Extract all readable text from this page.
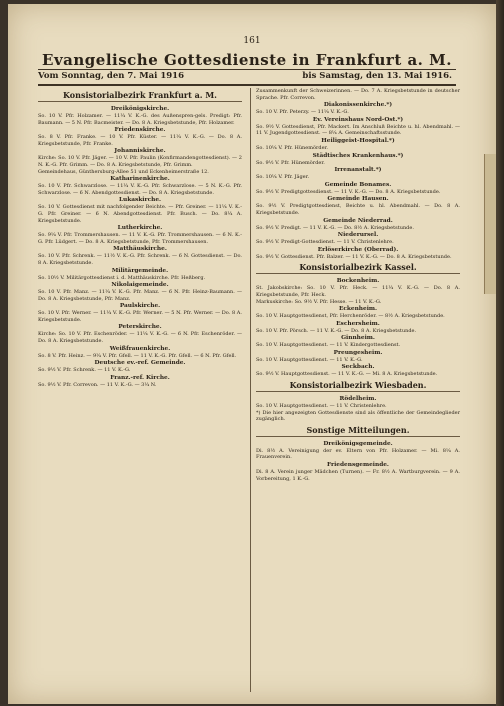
161
Evangelische Gottesdienste in Frankfurt a. M.
Vom Sonntag, den 7. Mai 1916	bis Samstag, den 13. Mai 1916.
Konsistorialbezirk Frankfurt a. M.
Dreikönigskirche.
So. 10 V. Pfr. Holzamer. — 11¼ V. K.-G. des Außenspren-gels. Predigt: Pfr. Baumann. — 5 N. Pfr. Bacmeister. — Do. 8 A. Kriegsbetstunde, Pfr. Holzamer.
Friedenskirche.
So. 8 V. Pfr. Franke. — 10 V. Pfr. Küster. — 11¼ V. K.-G. — Do. 8 A. Kriegsbetstunde, Pfr. Franke.
Johanniskirche.
Kirche: So. 10 V. Pfr. Jäger. — 10 V. Pfr. Paulin (Konfirmandengottesdienst). — 2 N. K.-G. Pfr. Grimm. — Do. 8 A. Kriegsbetstunde, Pfr. Grimm.
Gemeindehaus, Günthersburg-Allee 51 und Eckenheimerstraße 12.
Katharinenkirche.
So. 10 V. Pfr. Schwarzlose. — 11¼ V. K.-G. Pfr. Schwarzlose. — 5 N. K.-G. Pfr. Schwarzlose. — 6 N. Abendgottesdienst. — Do. 8 A. Kriegsbetstunde.
Lukaskirche.
So. 10 V. Gottesdienst mit nachfolgender Beichte. — Pfr. Greiner. — 11¼ V. K.-G. Pfr. Greiner. — 6 N. Abendgottesdienst. Pfr. Busch. — Do. 8¼ A. Kriegsbetstunde.
Lutherkirche.
So. 9¼ V. Pfr. Trommershausen. — 11 V. K.-G. Pfr. Trommershausen. — 6 N. K.-G. Pfr. Lüdgert. — Do. 8 A. Kriegsbetstunde, Pfr. Trommershausen.
Matthäuskirche.
So. 10 V. Pfr. Schrenk. — 11½ V. K.-G. Pfr. Schrenk. — 6 N. Gottesdienst. — Do. 8 A. Kriegsbetstunde.
Militärgemeinde.
So. 10½ V. Militärgottesdienst i. d. Matthäuskirche. Pfr. Heßberg.
Nikolaigemeinde.
So. 10 V. Pfr. Manz. — 11¼ V. K.-G. Pfr. Manz. — 6 N. Pfr. Heinz-Baumann. — Do. 8 A. Kriegsbetstunde, Pfr. Manz.
Paulskirche.
So. 10 V. Pfr. Werner. — 11¼ V. K.-G. Pfr. Werner. — 5 N. Pfr. Werner. — Do. 8 A. Kriegsbetstunde.
Peterskirche.
Kirche: So. 10 V. Pfr. Eschenröder. — 11¼ V. K.-G. — 6 N. Pfr. Eschenröder. — Do. 8 A. Kriegsbetstunde.
Weißfrauenkirche.
So. 8 V. Pfr. Heinz. — 9¼ V. Pfr. Gfell. — 11 V. K.-G. Pfr. Gfell. — 6 N. Pfr. Gfell.
Deutsche ev.-ref. Gemeinde.
So. 9½ V. Pfr. Schrenk. — 11 V. K.-G.
Franz.-ref. Kirche.
So. 9½ V. Pfr. Correvon. — 11 V. K.-G. — 3¼ N.
Zusammenkunft der Schweizerinnen. — Do. 7 A. Kriegsbetstunde in deutscher Sprache. Pfr. Correvon.
Diakonissenkirche.*)
So. 10 V. Pfr. Peterzy. — 11¼ V. K.-G.
Ev. Vereinshaus Nord-Ost.*)
So. 9½ V. Gottesdienst, Pfr. Mackert. Im Anschluß Beichte u. hl. Abendmahl. — 11 V. Jugendgottesdienst. — 8¼ A. Gemeinschaftsstunde.
Heiliggeist-Hospital.*)
So. 10¼ V. Pfr. Hünemörder.
Städtisches Krankenhaus.*)
So. 9½ V. Pfr. Hünemörder.
Irrenanstalt.*)
So. 10¼ V. Pfr. Jäger.
Gemeinde Bonames.
So. 9½ V. Predigtgottesdienst. — 11 V. K.-G. — Do. 8 A. Kriegsbetstunde.
Gemeinde Hausen.
So. 9½ V. Predigtgottesdienst, Beichte u. hl. Abendmahl. — Do. 8 A. Kriegsbetstunde.
Gemeinde Niederrad.
So. 9½ V. Predigt. — 11 V. K.-G. — Do. 8½ A. Kriegsbetstunde.
Niederursel.
So. 9½ V. Predigt-Gottesdienst. — 11 V. Christenlehre.
Erlöserkirche (Oberrad).
So. 9½ V. Gottesdienst. Pfr. Balzer. — 11 V. K.-G. — Do. 8 A. Kriegsbetstunde.
Konsistorialbezirk Kassel.
Bockenheim.
St. Jakobskirche: So. 10 V. Pfr. Heck. — 11¼ V. K.-G. — Do. 8 A. Kriegsbetstunde, Pfr. Heck.
Markuskirche: So. 9½ V. Pfr. Hesse. — 11 V. K.-G.
Eckenheim.
So. 10 V. Hauptgottesdienst, Pfr. Herchenröder. — 8½ A. Kriegsbetstunde.
Eschersheim.
So. 10 V. Pfr. Pörsch. — 11 V. K.-G. — Do. 8 A. Kriegsbetstunde.
Ginnheim.
So. 10 V. Hauptgottesdienst. — 11 V. Kindergottesdienst.
Preungesheim.
So. 10 V. Hauptgottesdienst. — 11 V. K.-G.
Seckbach.
So. 9½ V. Hauptgottesdienst. — 11 V. K.-G. — Mi. 8 A. Kriegsbetstunde.
Konsistorialbezirk Wiesbaden.
Rödelheim.
So. 10 V. Hauptgottesdienst. — 11 V. Christenlehre.
*) Die hier angezeigten Gottesdienste sind als öffentliche der Gemeindeglieder zugänglich.
Sonstige Mitteilungen.
Dreikönigsgemeinde.
Di. 8½ A. Vereinigung der ev. Eltern von Pfr. Holzamer. — Mi. 8¼ A. Frauenverein.
Friedensgemeinde.
Di. 8 A. Verein junger Mädchen (Turnen). — Fr. 8½ A. Wartburgverein. — 9 A. Vorbereitung, 1 K.-G.
